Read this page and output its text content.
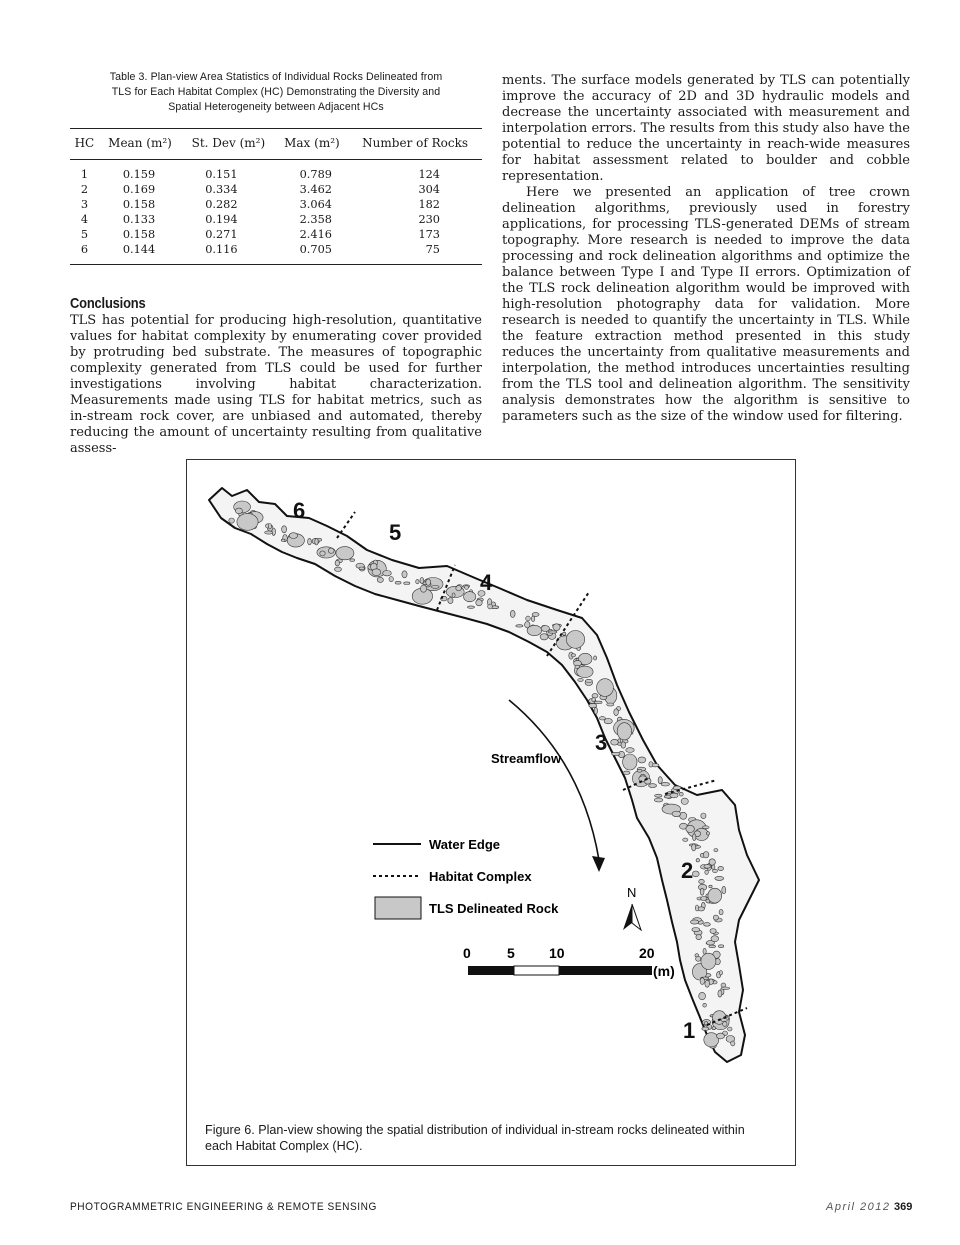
Table 3. Plan-view Area Statistics of Individual Rocks Delineated from
TLS for Each Habitat Complex (HC) Demonstrating the Diversity and
Spatial Heterogeneity between Adjacent HCs
HC	Mean (m²)	St. Dev (m²)	Max (m²)	Number of Rocks
1	0.159	0.151	0.789	124
2	0.169	0.334	3.462	304
3	0.158	0.282	3.064	182
4	0.133	0.194	2.358	230
5	0.158	0.271	2.416	173
6	0.144	0.116	0.705	75
Conclusions

TLS has potential for producing high-resolution, quantitative values for habitat complexity by enumerating cover provided by protruding bed substrate. The measures of topographic complexity generated from TLS could be used for further investigations involving habitat characterization. Measurements made using TLS for habitat metrics, such as in-stream rock cover, are unbiased and automated, thereby reducing the amount of uncertainty resulting from qualitative assess-

ments. The surface models generated by TLS can potentially improve the accuracy of 2D and 3D hydraulic models and decrease the uncertainty associated with measurement and interpolation errors. The results from this study also have the potential to reduce the uncertainty in reach-wide measures for habitat assessment related to boulder and cobble representation.

Here we presented an application of tree crown delineation algorithms, previously used in forestry applications, for processing TLS-generated DEMs of stream topography. More research is needed to improve the data processing and rock delineation algorithms and optimize the balance between Type I and Type II errors. Optimization of the TLS rock delineation algorithm would be improved with high-resolution photography data for validation. More research is needed to quantify the uncertainty in TLS. While the feature extraction method presented in this study reduces the uncertainty from qualitative measurements and interpolation, the method introduces uncertainties resulting from the TLS tool and delineation algorithm. The sensitivity analysis demonstrates how the algorithm is sensitive to parameters such as the size of the window used for filtering.

1
2
3
4
5
6
Streamflow
Water Edge
Habitat Complex
TLS Delineated Rock
N
0	5 10	20
(m)
Figure 6. Plan-view showing the spatial distribution of individual in-stream rocks delineated within each Habitat Complex (HC).
PHOTOGRAMMETRIC ENGINEERING & REMOTE SENSING	April 2012 369
